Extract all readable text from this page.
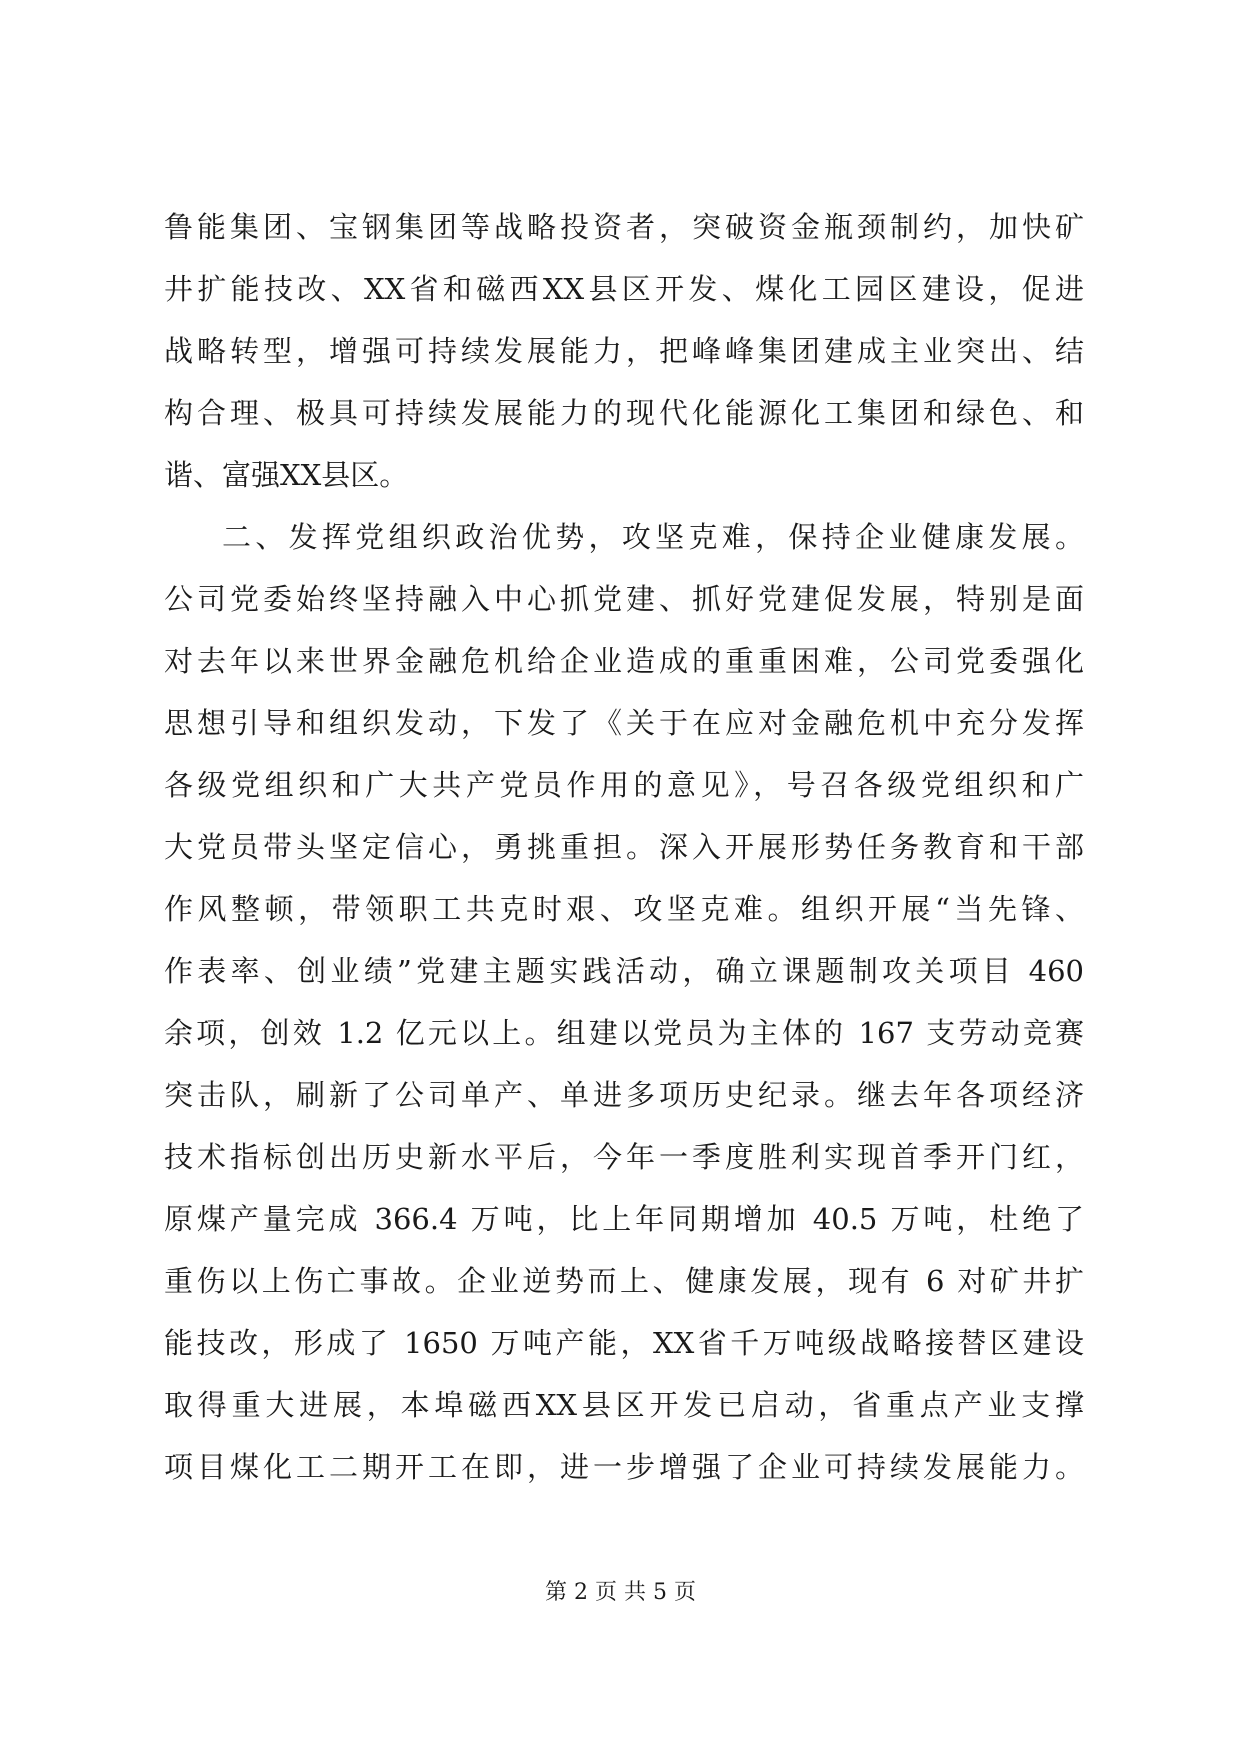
鲁能集团、宝钢集团等战略投资者，突破资金瓶颈制约，加快矿
井扩能技改、XX省和磁西XX县区开发、煤化工园区建设，促进
战略转型，增强可持续发展能力，把峰峰集团建成主业突出、结
构合理、极具可持续发展能力的现代化能源化工集团和绿色、和
谐、富强XX县区。
二、发挥党组织政治优势，攻坚克难，保持企业健康发展。
公司党委始终坚持融入中心抓党建、抓好党建促发展，特别是面
对去年以来世界金融危机给企业造成的重重困难，公司党委强化
思想引导和组织发动，下发了《关于在应对金融危机中充分发挥
各级党组织和广大共产党员作用的意见》，号召各级党组织和广
大党员带头坚定信心，勇挑重担。深入开展形势任务教育和干部
作风整顿，带领职工共克时艰、攻坚克难。组织开展“当先锋、
作表率、创业绩”党建主题实践活动，确立课题制攻关项目 460
余项，创效 1.2 亿元以上。组建以党员为主体的 167 支劳动竞赛
突击队，刷新了公司单产、单进多项历史纪录。继去年各项经济
技术指标创出历史新水平后，今年一季度胜利实现首季开门红，
原煤产量完成 366.4 万吨，比上年同期增加 40.5 万吨，杜绝了
重伤以上伤亡事故。企业逆势而上、健康发展，现有 6 对矿井扩
能技改，形成了 1650 万吨产能，XX省千万吨级战略接替区建设
取得重大进展，本埠磁西XX县区开发已启动，省重点产业支撑
项目煤化工二期开工在即，进一步增强了企业可持续发展能力。
第 2 页 共 5 页
